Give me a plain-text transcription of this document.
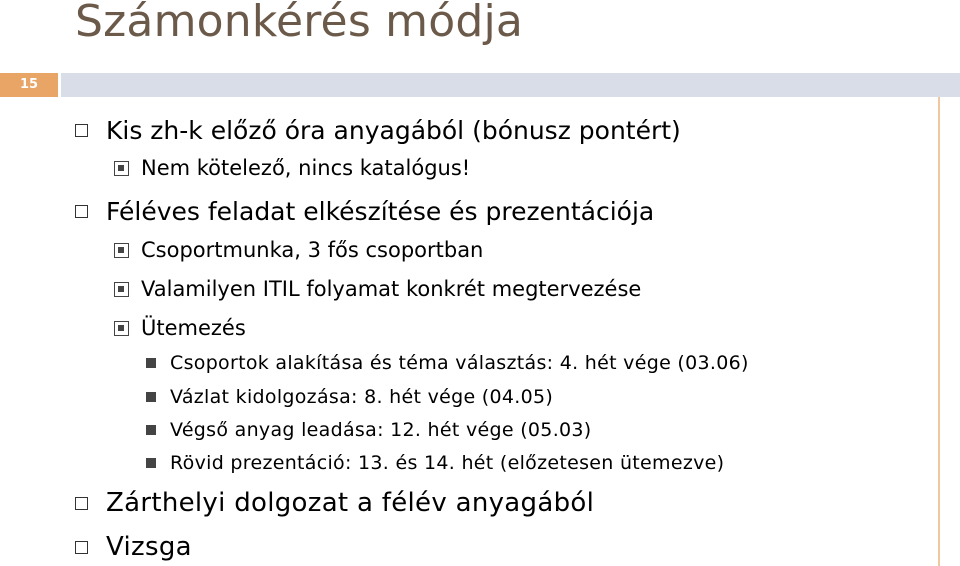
Számonkérés módja
15
Kis zh-k előző óra anyagából (bónusz pontért)
Nem kötelező, nincs katalógus!
Féléves feladat elkészítése és prezentációja
Csoportmunka, 3 fős csoportban
Valamilyen ITIL folyamat konkrét megtervezése
Ütemezés
Csoportok alakítása és téma választás: 4. hét vége (03.06)
Vázlat kidolgozása: 8. hét vége (04.05)
Végső anyag leadása: 12. hét vége (05.03)
Rövid prezentáció: 13. és 14. hét (előzetesen ütemezve)
Zárthelyi dolgozat a félév anyagából
Vizsga
